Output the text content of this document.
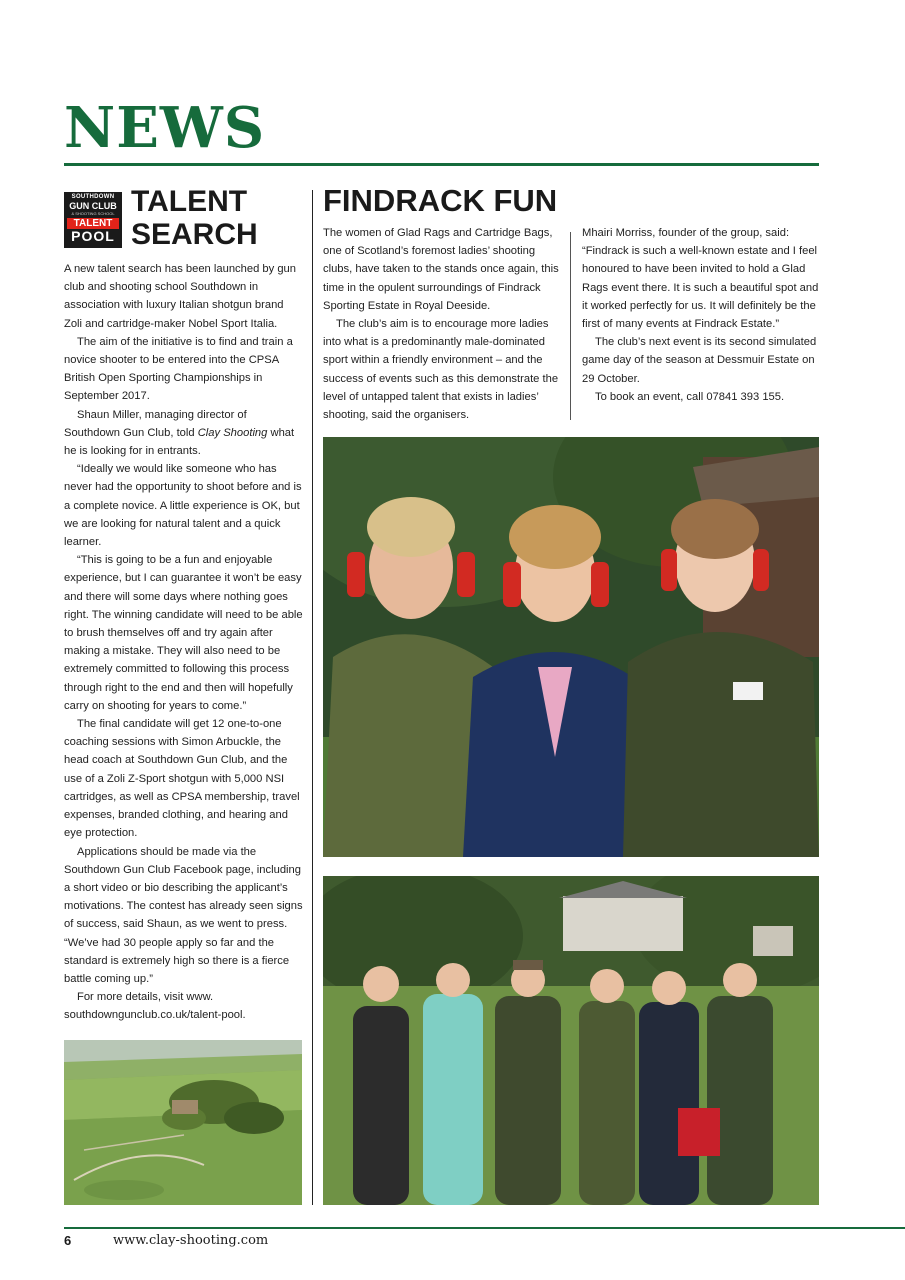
NEWS
SOUTHDOWN
GUN CLUB
& SHOOTING SCHOOL
TALENT
POOL
TALENT
SEARCH

A new talent search has been launched by gun club and shooting school Southdown in association with luxury Italian shotgun brand Zoli and cartridge-maker Nobel Sport Italia.

The aim of the initiative is to find and train a novice shooter to be entered into the CPSA British Open Sporting Championships in September 2017.

Shaun Miller, managing director of Southdown Gun Club, told Clay Shooting what he is looking for in entrants.

“Ideally we would like someone who has never had the opportunity to shoot before and is a complete novice. A little experience is OK, but we are looking for natural talent and a quick learner.

“This is going to be a fun and enjoyable experience, but I can guarantee it won’t be easy and there will some days where nothing goes right. The winning candidate will need to be able to brush themselves off and try again after making a mistake. They will also need to be extremely committed to following this process through right to the end and then will hopefully carry on shooting for years to come.”

The final candidate will get 12 one-to-one coaching sessions with Simon Arbuckle, the head coach at Southdown Gun Club, and the use of a Zoli Z-Sport shotgun with 5,000 NSI cartridges, as well as CPSA membership, travel expenses, branded clothing, and hearing and eye protection.

Applications should be made via the Southdown Gun Club Facebook page, including a short video or bio describing the applicant’s motivations. The contest has already seen signs of success, said Shaun, as we went to press. “We’ve had 30 people apply so far and the standard is extremely high so there is a fierce battle coming up.”

For more details, visit www. southdowngunclub.co.uk/talent-pool.

FINDRACK FUN

The women of Glad Rags and Cartridge Bags, one of Scotland’s foremost ladies’ shooting clubs, have taken to the stands once again, this time in the opulent surroundings of Findrack Sporting Estate in Royal Deeside.

The club’s aim is to encourage more ladies into what is a predominantly male-dominated sport within a friendly environment – and the success of events such as this demonstrate the level of untapped talent that exists in ladies’ shooting, said the organisers.

Mhairi Morriss, founder of the group, said: “Findrack is such a well-known estate and I feel honoured to have been invited to hold a Glad Rags event there. It is such a beautiful spot and it worked perfectly for us. It will definitely be the first of many events at Findrack Estate.”

The club’s next event is its second simulated game day of the season at Dessmuir Estate on 29 October.

To book an event, call 07841 393 155.

6	www.clay-shooting.com
